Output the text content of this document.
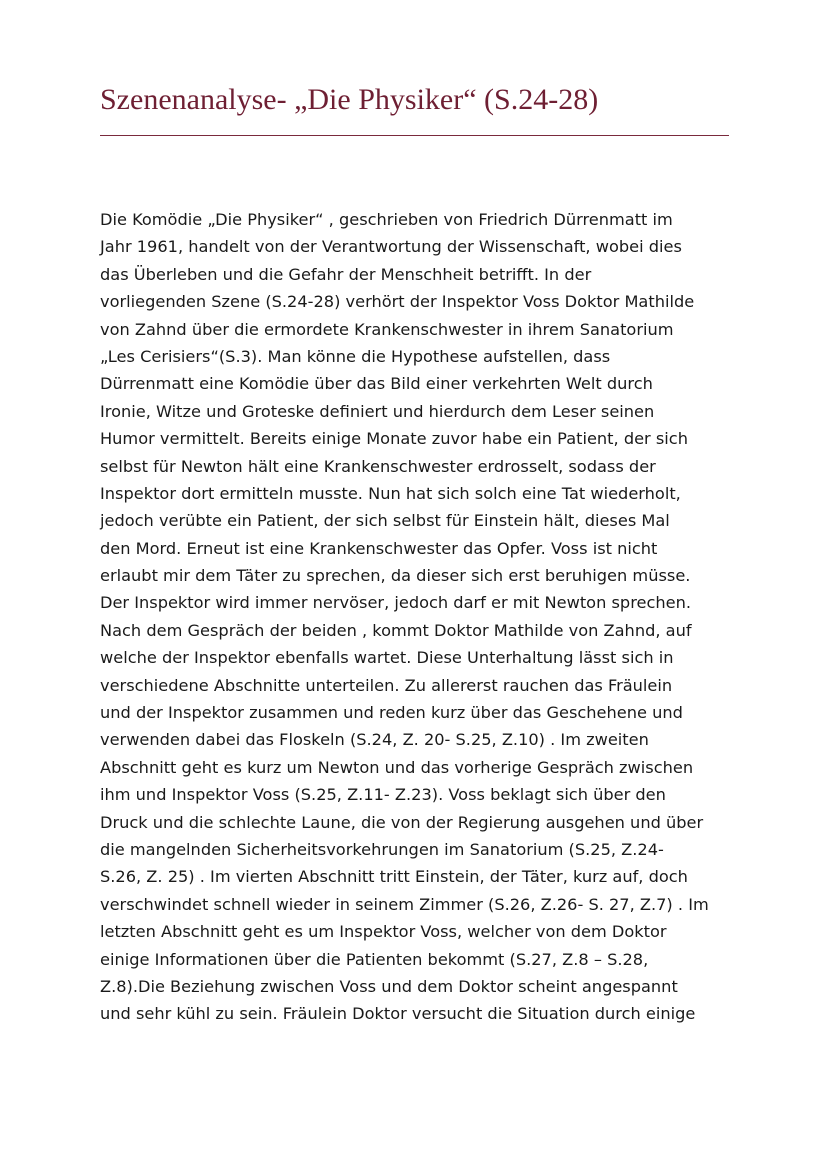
Szenenanalyse- „Die Physiker“ (S.24-28)
Die Komödie „Die Physiker“ , geschrieben von Friedrich Dürrenmatt im
Jahr 1961, handelt von der Verantwortung der Wissenschaft, wobei dies
das Überleben und die Gefahr der Menschheit betrifft. In der
vorliegenden Szene (S.24-28) verhört der Inspektor Voss Doktor Mathilde
von Zahnd über die ermordete Krankenschwester in ihrem Sanatorium
„Les Cerisiers“(S.3). Man könne die Hypothese aufstellen, dass
Dürrenmatt eine Komödie über das Bild einer verkehrten Welt durch
Ironie, Witze und Groteske definiert und hierdurch dem Leser seinen
Humor vermittelt. Bereits einige Monate zuvor habe ein Patient, der sich
selbst für Newton hält eine Krankenschwester erdrosselt, sodass der
Inspektor dort ermitteln musste. Nun hat sich solch eine Tat wiederholt,
jedoch verübte ein Patient, der sich selbst für Einstein hält, dieses Mal
den Mord. Erneut ist eine Krankenschwester das Opfer. Voss ist nicht
erlaubt mir dem Täter zu sprechen, da dieser sich erst beruhigen müsse.
Der Inspektor wird immer nervöser, jedoch darf er mit Newton sprechen.
Nach dem Gespräch der beiden , kommt Doktor Mathilde von Zahnd, auf
welche der Inspektor ebenfalls wartet. Diese Unterhaltung lässt sich in
verschiedene Abschnitte unterteilen. Zu allererst rauchen das Fräulein
und der Inspektor zusammen und reden kurz über das Geschehene und
verwenden dabei das Floskeln (S.24, Z. 20- S.25, Z.10) . Im zweiten
Abschnitt geht es kurz um Newton und das vorherige Gespräch zwischen
ihm und Inspektor Voss (S.25, Z.11- Z.23). Voss beklagt sich über den
Druck und die schlechte Laune, die von der Regierung ausgehen und über
die mangelnden Sicherheitsvorkehrungen im Sanatorium (S.25, Z.24-
S.26, Z. 25) . Im vierten Abschnitt tritt Einstein, der Täter, kurz auf, doch
verschwindet schnell wieder in seinem Zimmer (S.26, Z.26- S. 27, Z.7) . Im
letzten Abschnitt geht es um Inspektor Voss, welcher von dem Doktor
einige Informationen über die Patienten bekommt (S.27, Z.8 – S.28,
Z.8).Die Beziehung zwischen Voss und dem Doktor scheint angespannt
und sehr kühl zu sein. Fräulein Doktor versucht die Situation durch einige
